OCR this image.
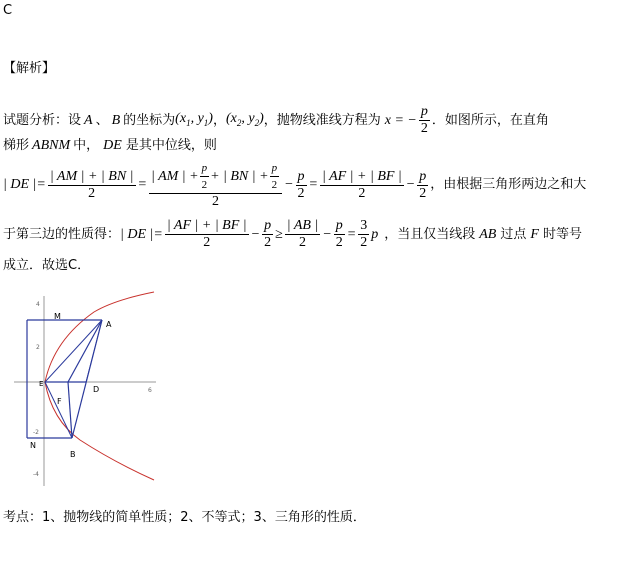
C
【解析】
试题分析：设 A 、 B 的坐标为 ($x_1$, $y_1$) ， ($x_2$, $y_2$) ，抛物线准线方程为 x = − $\frac{p}{2}$ ．如图所示，在直角
梯形 ABNM 中， DE 是其中位线，则
| DE |= $\frac{| AM | + | BN |}{2} = \frac{| AM | + \frac{p}{2} + | BN | + \frac{p}{2}}{2} - \frac{p}{2} = \frac{| AF | + | BF |}{2} - \frac{p}{2}$ ，由根据三角形两边之和大
于第三边的性质得： | DE |= $\frac{| AF | + | BF |}{2} - \frac{p}{2} \ge \frac{| AB |}{2} - \frac{p}{2} = \frac{3}{2}$ p ，当且仅当线段 AB 过点 F 时等号
成立．故选C．
4
2
-2
-4
6
M
A
E
D
F
N
B
考点：1、抛物线的简单性质；2、不等式；3、三角形的性质．
